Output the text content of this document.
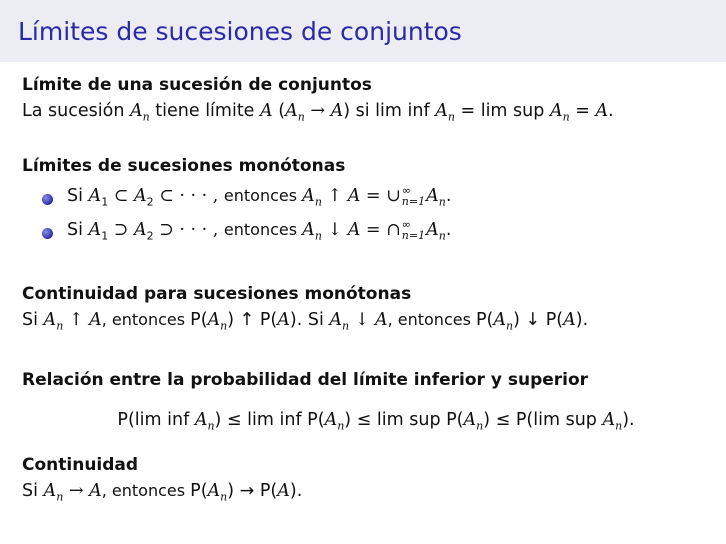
Límites de sucesiones de conjuntos
Límite de una sucesión de conjuntos
La sucesión $A_n$ tiene límite A $(A_n \to A)$ si lim inf $A_n = \lim$ sup $A_n = A$.
Límites de sucesiones monótonas
Si $A_1$ ⊂ $A_2$ ⊂ · · · , entonces $A_n$ ↑ A = ∪ ∞
n=1 $A_n$.
Si $A_1$ ⊃ $A_2$ ⊃ · · · , entonces $A_n$ ↓ A = ∩ ∞
n=1 $A_n$.
Continuidad para sucesiones monótonas
Si $A_n$ ↑ A, entonces $P(A_n)$ ↑ P(A). Si $A_n$ ↓ A, entonces $P(A_n)$ ↓ P(A).
Relación entre la probabilidad del límite inferior y superior
P(lim inf $A_n) \le \lim$ inf $P(A_n) \le \lim$ sup $P(A_n) \le P(\lim$ sup $A_n$).
Continuidad
Si $A_n \to A$, entonces $P(A_n) \to P(A)$.
